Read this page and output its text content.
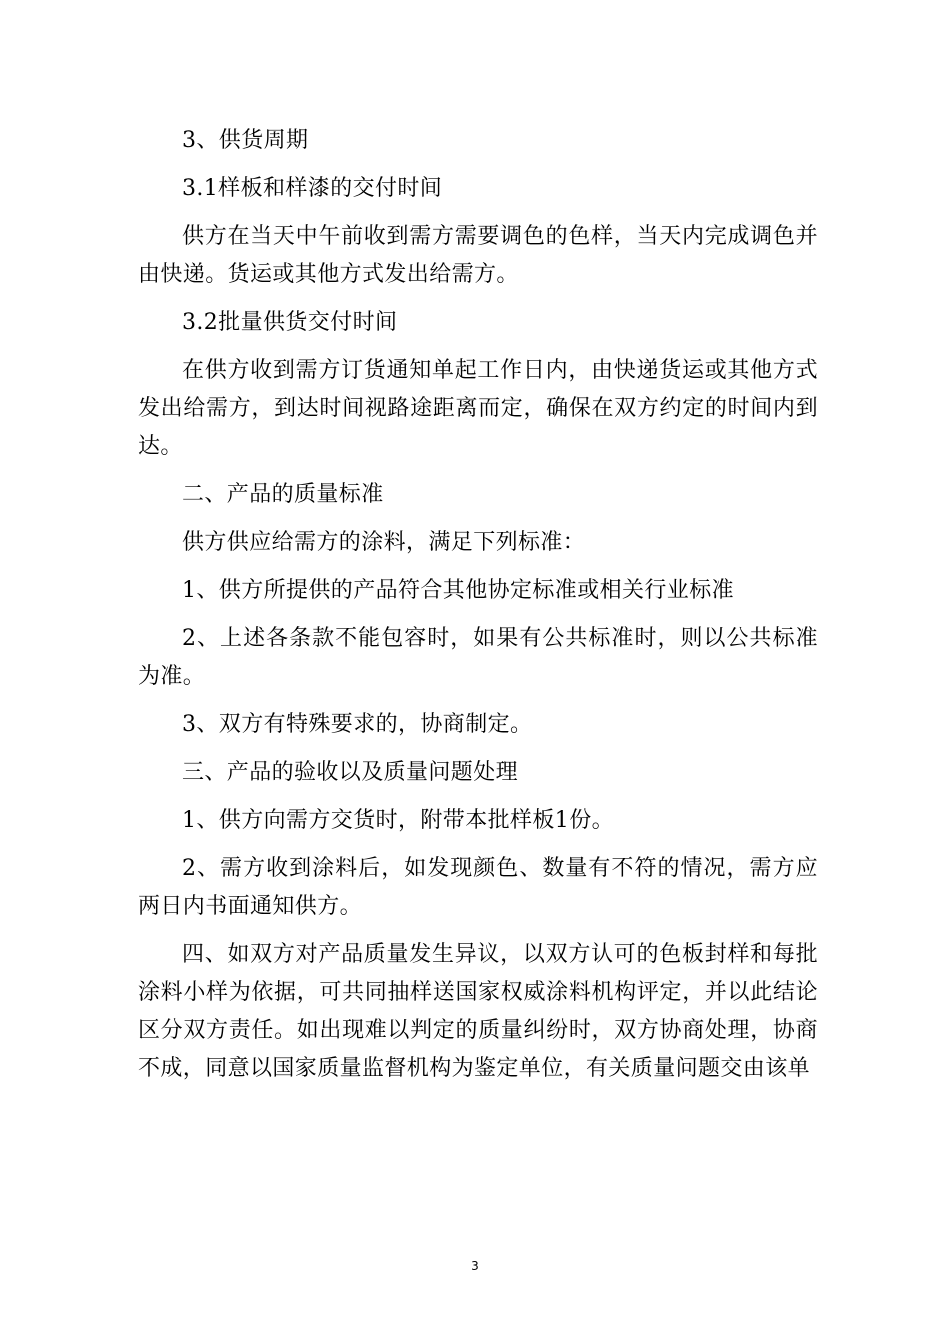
3、供货周期

3.1样板和样漆的交付时间

供方在当天中午前收到需方需要调色的色样，当天内完成调色并由快递。货运或其他方式发出给需方。

3.2批量供货交付时间

在供方收到需方订货通知单起工作日内，由快递货运或其他方式发出给需方，到达时间视路途距离而定，确保在双方约定的时间内到达。

二、产品的质量标准

供方供应给需方的涂料，满足下列标准：

1、供方所提供的产品符合其他协定标准或相关行业标准

2、上述各条款不能包容时，如果有公共标准时，则以公共标准为准。

3、双方有特殊要求的，协商制定。

三、产品的验收以及质量问题处理

1、供方向需方交货时，附带本批样板1份。

2、需方收到涂料后，如发现颜色、数量有不符的情况，需方应两日内书面通知供方。

四、如双方对产品质量发生异议，以双方认可的色板封样和每批涂料小样为依据，可共同抽样送国家权威涂料机构评定，并以此结论区分双方责任。如出现难以判定的质量纠纷时，双方协商处理，协商不成，同意以国家质量监督机构为鉴定单位，有关质量问题交由该单

3
